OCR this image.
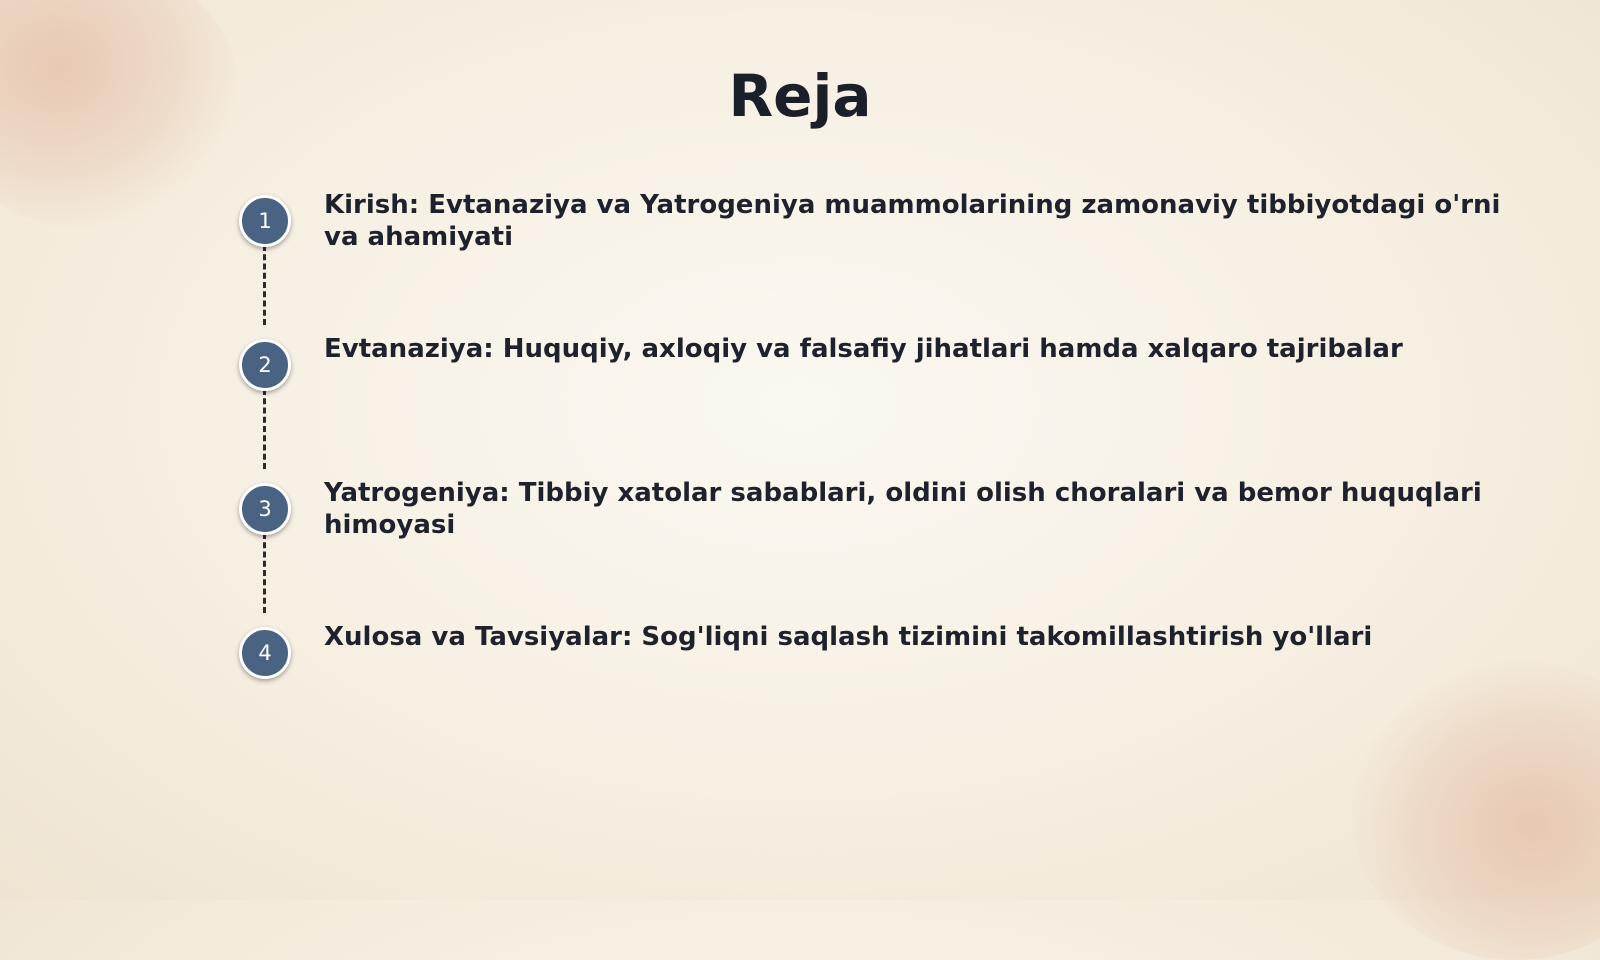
Reja
1
Kirish: Evtanaziya va Yatrogeniya muammolarining zamonaviy tibbiyotdagi o'rni va ahamiyati
2
Evtanaziya: Huquqiy, axloqiy va falsafiy jihatlari hamda xalqaro tajribalar
3
Yatrogeniya: Tibbiy xatolar sabablari, oldini olish choralari va bemor huquqlari himoyasi
4
Xulosa va Tavsiyalar: Sog'liqni saqlash tizimini takomillashtirish yo'llari
